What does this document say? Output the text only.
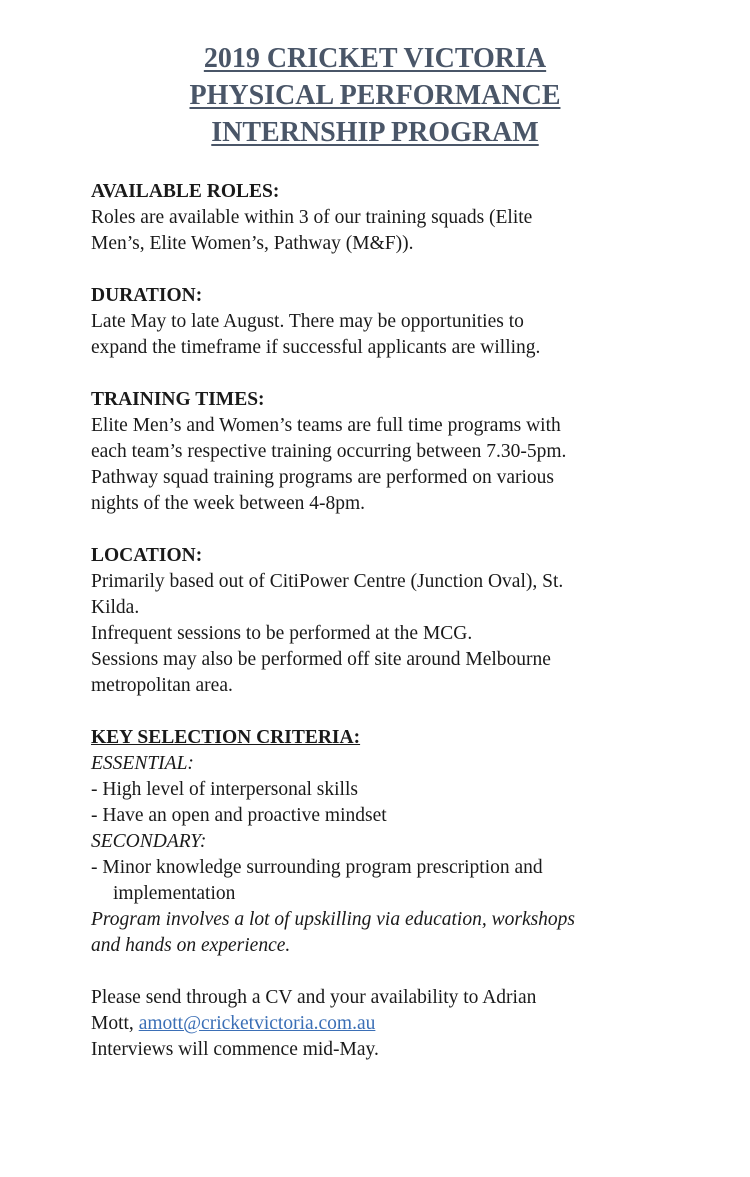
2019 CRICKET VICTORIA
PHYSICAL PERFORMANCE
INTERNSHIP PROGRAM
AVAILABLE ROLES:
Roles are available within 3 of our training squads (Elite
Men’s, Elite Women’s, Pathway (M&F)).
DURATION:
Late May to late August. There may be opportunities to
expand the timeframe if successful applicants are willing.
TRAINING TIMES:
Elite Men’s and Women’s teams are full time programs with
each team’s respective training occurring between 7.30-5pm.
Pathway squad training programs are performed on various
nights of the week between 4-8pm.
LOCATION:
Primarily based out of CitiPower Centre (Junction Oval), St.
Kilda.
Infrequent sessions to be performed at the MCG.
Sessions may also be performed off site around Melbourne
metropolitan area.
KEY SELECTION CRITERIA:
ESSENTIAL:
- High level of interpersonal skills
- Have an open and proactive mindset
SECONDARY:
- Minor knowledge surrounding program prescription and
implementation
Program involves a lot of upskilling via education, workshops
and hands on experience.
Please send through a CV and your availability to Adrian
Mott, amott@cricketvictoria.com.au
Interviews will commence mid-May.
